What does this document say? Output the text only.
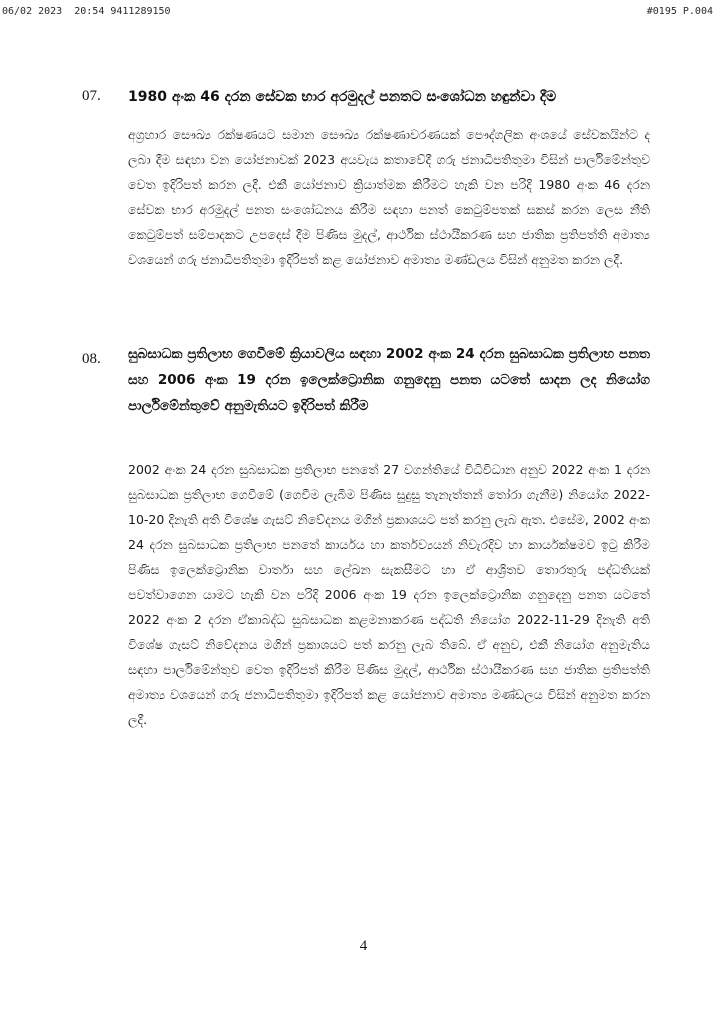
06/02 2023  20:54 9411289150	#0195 P.004
07. 1980 අංක 46 දරන සේවක භාර අරමුදල් පනතට සංශෝධන හඳුන්වා දීම
අග්‍රහාර සෞඛ්‍ය රක්ෂණයට සමාන සෞඛ්‍ය රක්ෂණාවරණයක් පෞද්ගලික අංශයේ සේවකයින්ට ද ලබා දීම සඳහා වන යෝජනාවක් 2023 අයවැය කතාවේදී ගරු ජනාධිපතිතුමා විසින් පාර්ලිමේන්තුව වෙත ඉදිරිපත් කරන ලදී. එකී යෝජනාව ක්‍රියාත්මක කිරීමට හැකි වන පරිදි 1980 අංක 46 දරන සේවක භාර අරමුදල් පනත සංශෝධනය කිරීම සඳහා පනත් කෙටුම්පතක් සකස් කරන ලෙස නීති කෙටුම්පත් සම්පාදකට උපදෙස් දීම පිණිස මුදල්, ආර්ථික ස්ථායීකරණ සහ ජාතික ප්‍රතිපත්ති අමාත්‍ය වශයෙන් ගරු ජනාධිපතිතුමා ඉදිරිපත් කළ යෝජනාව අමාත්‍ය මණ්ඩලය විසින් අනුමත කරන ලදී.
08. සුබසාධක ප්‍රතිලාභ ගෙවීමේ ක්‍රියාවලිය සඳහා 2002 අංක 24 දරන සුබසාධක ප්‍රතිලාභ පනත සහ 2006 අංක 19 දරන ඉලෙක්ට්‍රොනික ගනුදෙනු පනත යටතේ සාදන ලද නියෝග පාර්ලිමේන්තුවේ අනුමැතියට ඉදිරිපත් කිරීම
2002 අංක 24 දරන සුබසාධක ප්‍රතිලාභ පනතේ 27 වගන්තියේ විධිවිධාන අනුව 2022 අංක 1 දරන සුබසාධක ප්‍රතිලාභ ගෙවීමේ (ගෙවීම ලැබීම පිණිස සුදුසු තැනැත්තන් තෝරා ගැනීම) නියෝග 2022-10-20 දිනැති අති විශේෂ ගැසට් නිවේදනය මගින් ප්‍රකාශයට පත් කරනු ලැබ ඇත. එසේම, 2002 අංක 24 දරන සුබසාධක ප්‍රතිලාභ පනතේ කාර්යය හා කර්තව්‍යයන් නිවැරදිව හා කාර්යක්ෂමව ඉටු කිරීම පිණිස ඉලෙක්ට්‍රොනික වාර්තා සහ ලේඛන සැකසීමට හා ඒ ආශ්‍රිතව තොරතුරු පද්ධතියක් පවත්වාගෙන යාමට හැකි වන පරිදි 2006 අංක 19 දරන ඉලෙක්ට්‍රොනික ගනුදෙනු පනත යටතේ 2022 අංක 2 දරන ඒකාබද්ධ සුබසාධක කළමනාකරණ පද්ධති නියෝග 2022-11-29 දිනැති අති විශේෂ ගැසට් නිවේදනය මගින් ප්‍රකාශයට පත් කරනු ලැබ තිබේ. ඒ අනුව, එකී නියෝග අනුමැතිය සඳහා පාර්ලිමේන්තුව වෙත ඉදිරිපත් කිරීම පිණිස මුදල්, ආර්ථික ස්ථායීකරණ සහ ජාතික ප්‍රතිපත්ති අමාත්‍ය වශයෙන් ගරු ජනාධිපතිතුමා ඉදිරිපත් කළ යෝජනාව අමාත්‍ය මණ්ඩලය විසින් අනුමත කරන ලදී.
4
